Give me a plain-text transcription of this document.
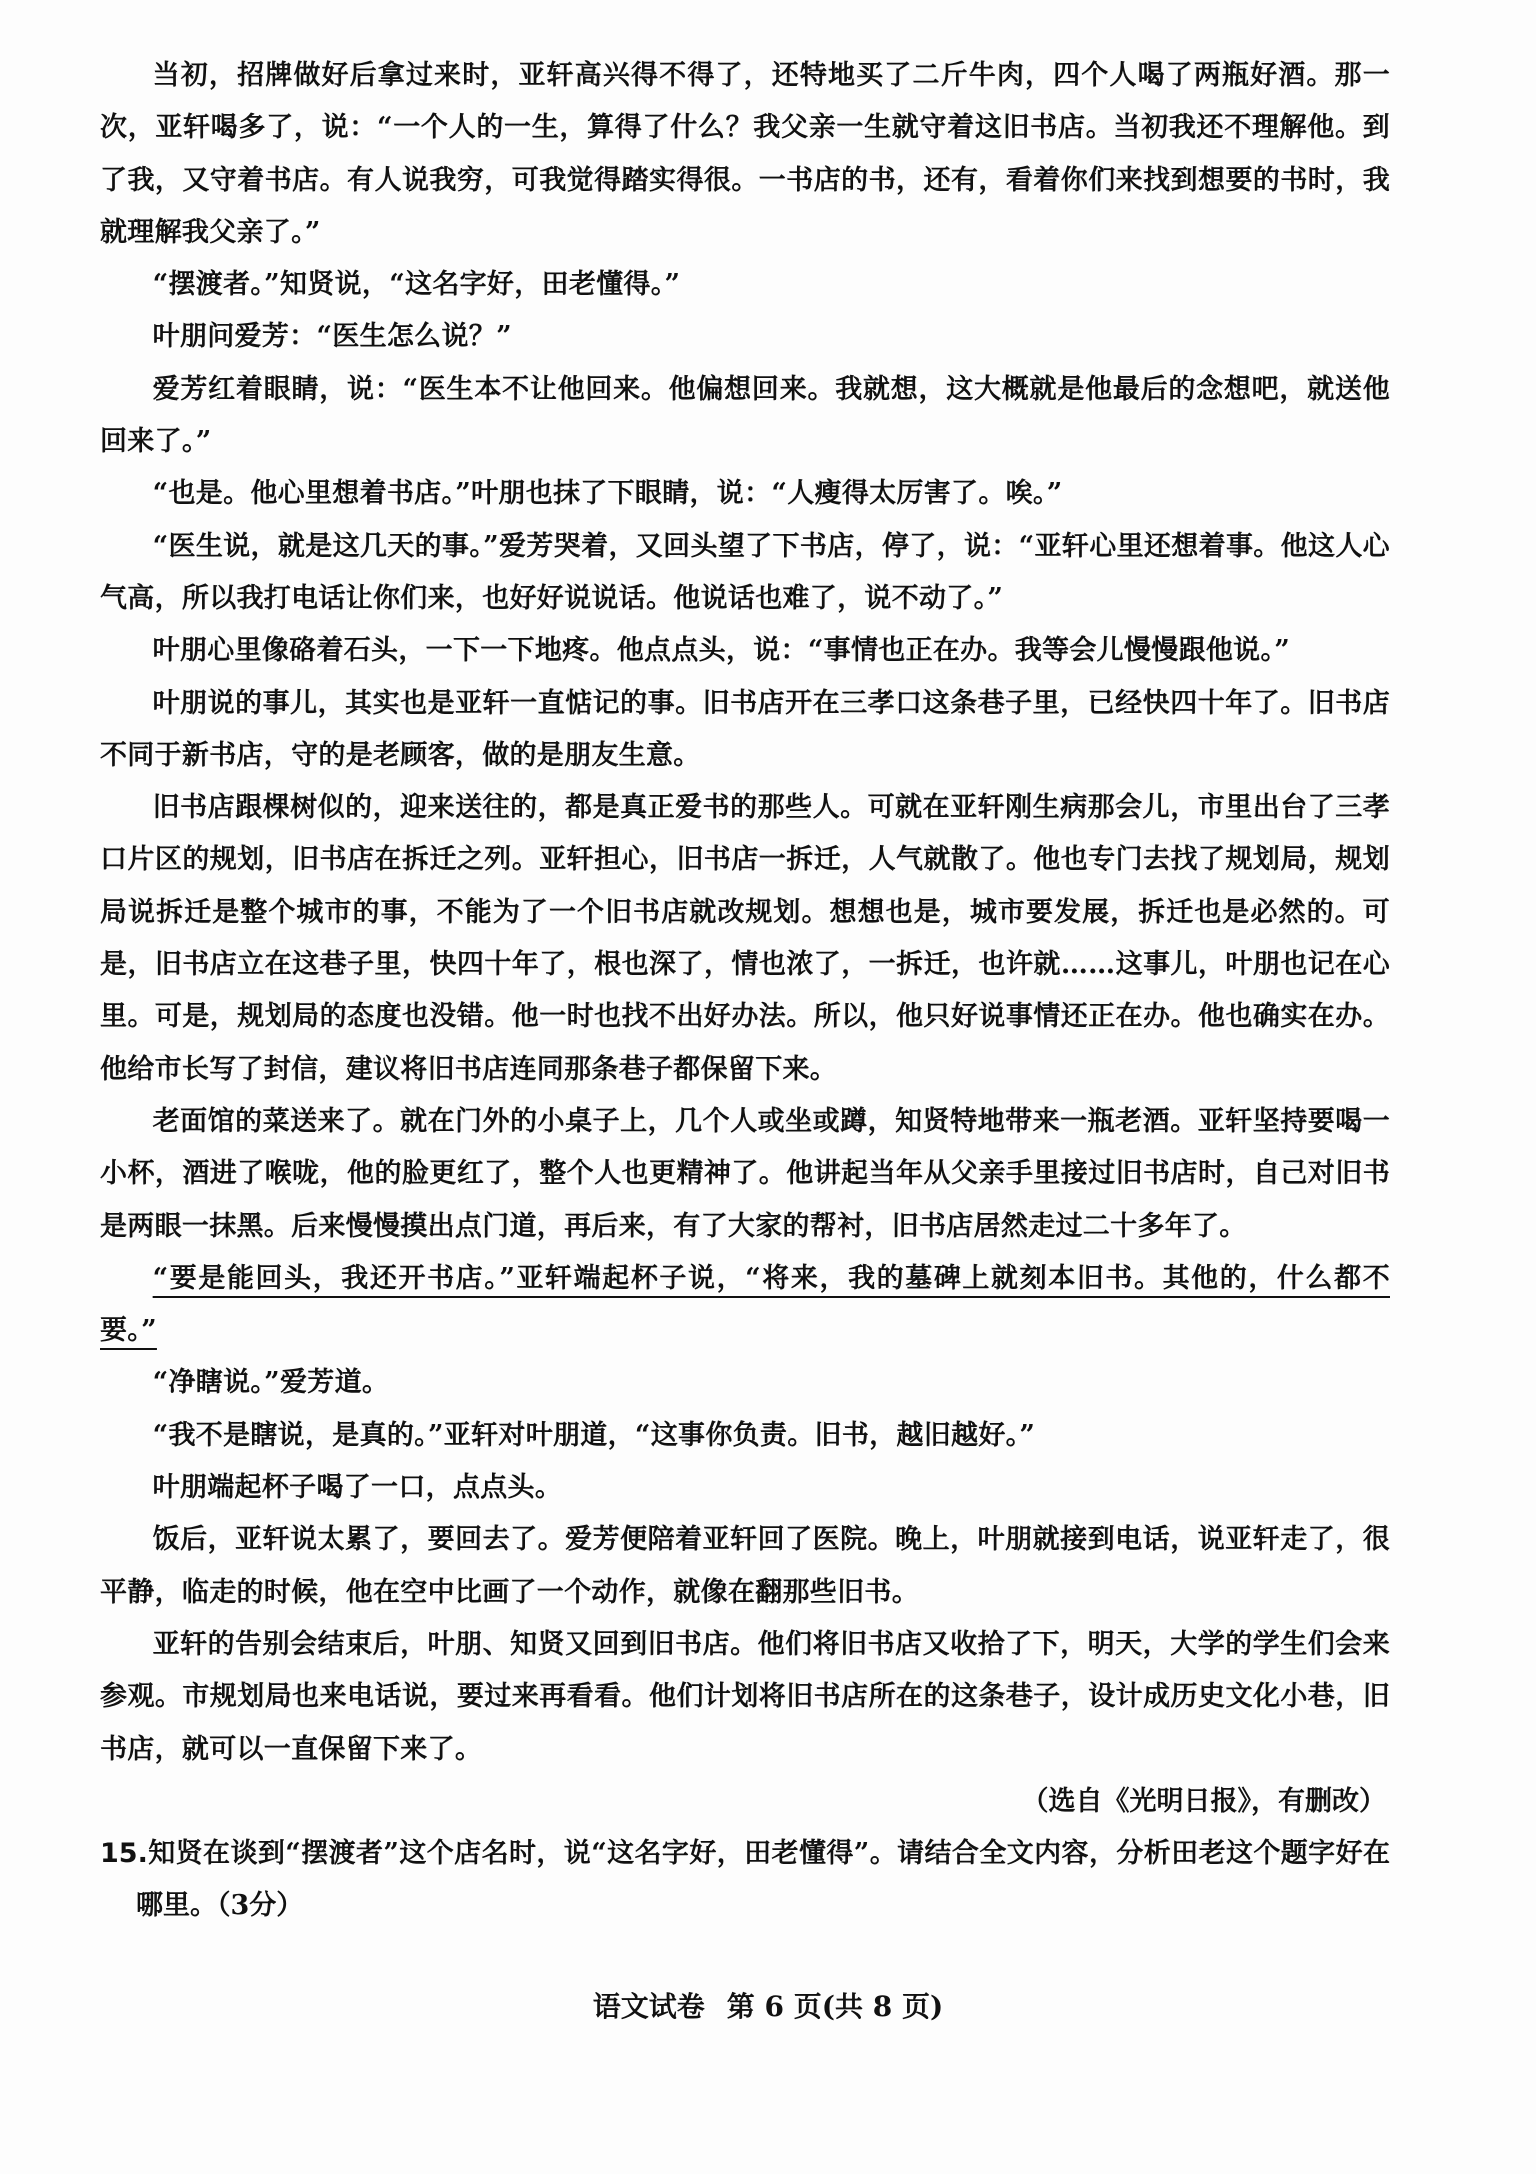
当初，招牌做好后拿过来时，亚轩高兴得不得了，还特地买了二斤牛肉，四个人喝了两瓶好酒。那一次，亚轩喝多了，说：“一个人的一生，算得了什么？我父亲一生就守着这旧书店。当初我还不理解他。到了我，又守着书店。有人说我穷，可我觉得踏实得很。一书店的书，还有，看着你们来找到想要的书时，我就理解我父亲了。”

“摆渡者。”知贤说，“这名字好，田老懂得。”

叶朋问爱芳：“医生怎么说？”

爱芳红着眼睛，说：“医生本不让他回来。他偏想回来。我就想，这大概就是他最后的念想吧，就送他回来了。”

“也是。他心里想着书店。”叶朋也抹了下眼睛，说：“人瘦得太厉害了。唉。”

“医生说，就是这几天的事。”爱芳哭着，又回头望了下书店，停了，说：“亚轩心里还想着事。他这人心气高，所以我打电话让你们来，也好好说说话。他说话也难了，说不动了。”

叶朋心里像硌着石头，一下一下地疼。他点点头，说：“事情也正在办。我等会儿慢慢跟他说。”

叶朋说的事儿，其实也是亚轩一直惦记的事。旧书店开在三孝口这条巷子里，已经快四十年了。旧书店不同于新书店，守的是老顾客，做的是朋友生意。

旧书店跟棵树似的，迎来送往的，都是真正爱书的那些人。可就在亚轩刚生病那会儿，市里出台了三孝口片区的规划，旧书店在拆迁之列。亚轩担心，旧书店一拆迁，人气就散了。他也专门去找了规划局，规划局说拆迁是整个城市的事，不能为了一个旧书店就改规划。想想也是，城市要发展，拆迁也是必然的。可是，旧书店立在这巷子里，快四十年了，根也深了，情也浓了，一拆迁，也许就……这事儿，叶朋也记在心里。可是，规划局的态度也没错。他一时也找不出好办法。所以，他只好说事情还正在办。他也确实在办。他给市长写了封信，建议将旧书店连同那条巷子都保留下来。

老面馆的菜送来了。就在门外的小桌子上，几个人或坐或蹲，知贤特地带来一瓶老酒。亚轩坚持要喝一小杯，酒进了喉咙，他的脸更红了，整个人也更精神了。他讲起当年从父亲手里接过旧书店时，自己对旧书是两眼一抹黑。后来慢慢摸出点门道，再后来，有了大家的帮衬，旧书店居然走过二十多年了。

“要是能回头，我还开书店。”亚轩端起杯子说，“将来，我的墓碑上就刻本旧书。其他的，什么都不要。”

“净瞎说。”爱芳道。

“我不是瞎说，是真的。”亚轩对叶朋道，“这事你负责。旧书，越旧越好。”

叶朋端起杯子喝了一口，点点头。

饭后，亚轩说太累了，要回去了。爱芳便陪着亚轩回了医院。晚上，叶朋就接到电话，说亚轩走了，很平静，临走的时候，他在空中比画了一个动作，就像在翻那些旧书。

亚轩的告别会结束后，叶朋、知贤又回到旧书店。他们将旧书店又收拾了下，明天，大学的学生们会来参观。市规划局也来电话说，要过来再看看。他们计划将旧书店所在的这条巷子，设计成历史文化小巷，旧书店，就可以一直保留下来了。

（选自《光明日报》，有删改）

15.知贤在谈到“摆渡者”这个店名时，说“这名字好，田老懂得”。请结合全文内容，分析田老这个题字好在哪里。（3分）

语文试卷 第 6 页(共 8 页)
